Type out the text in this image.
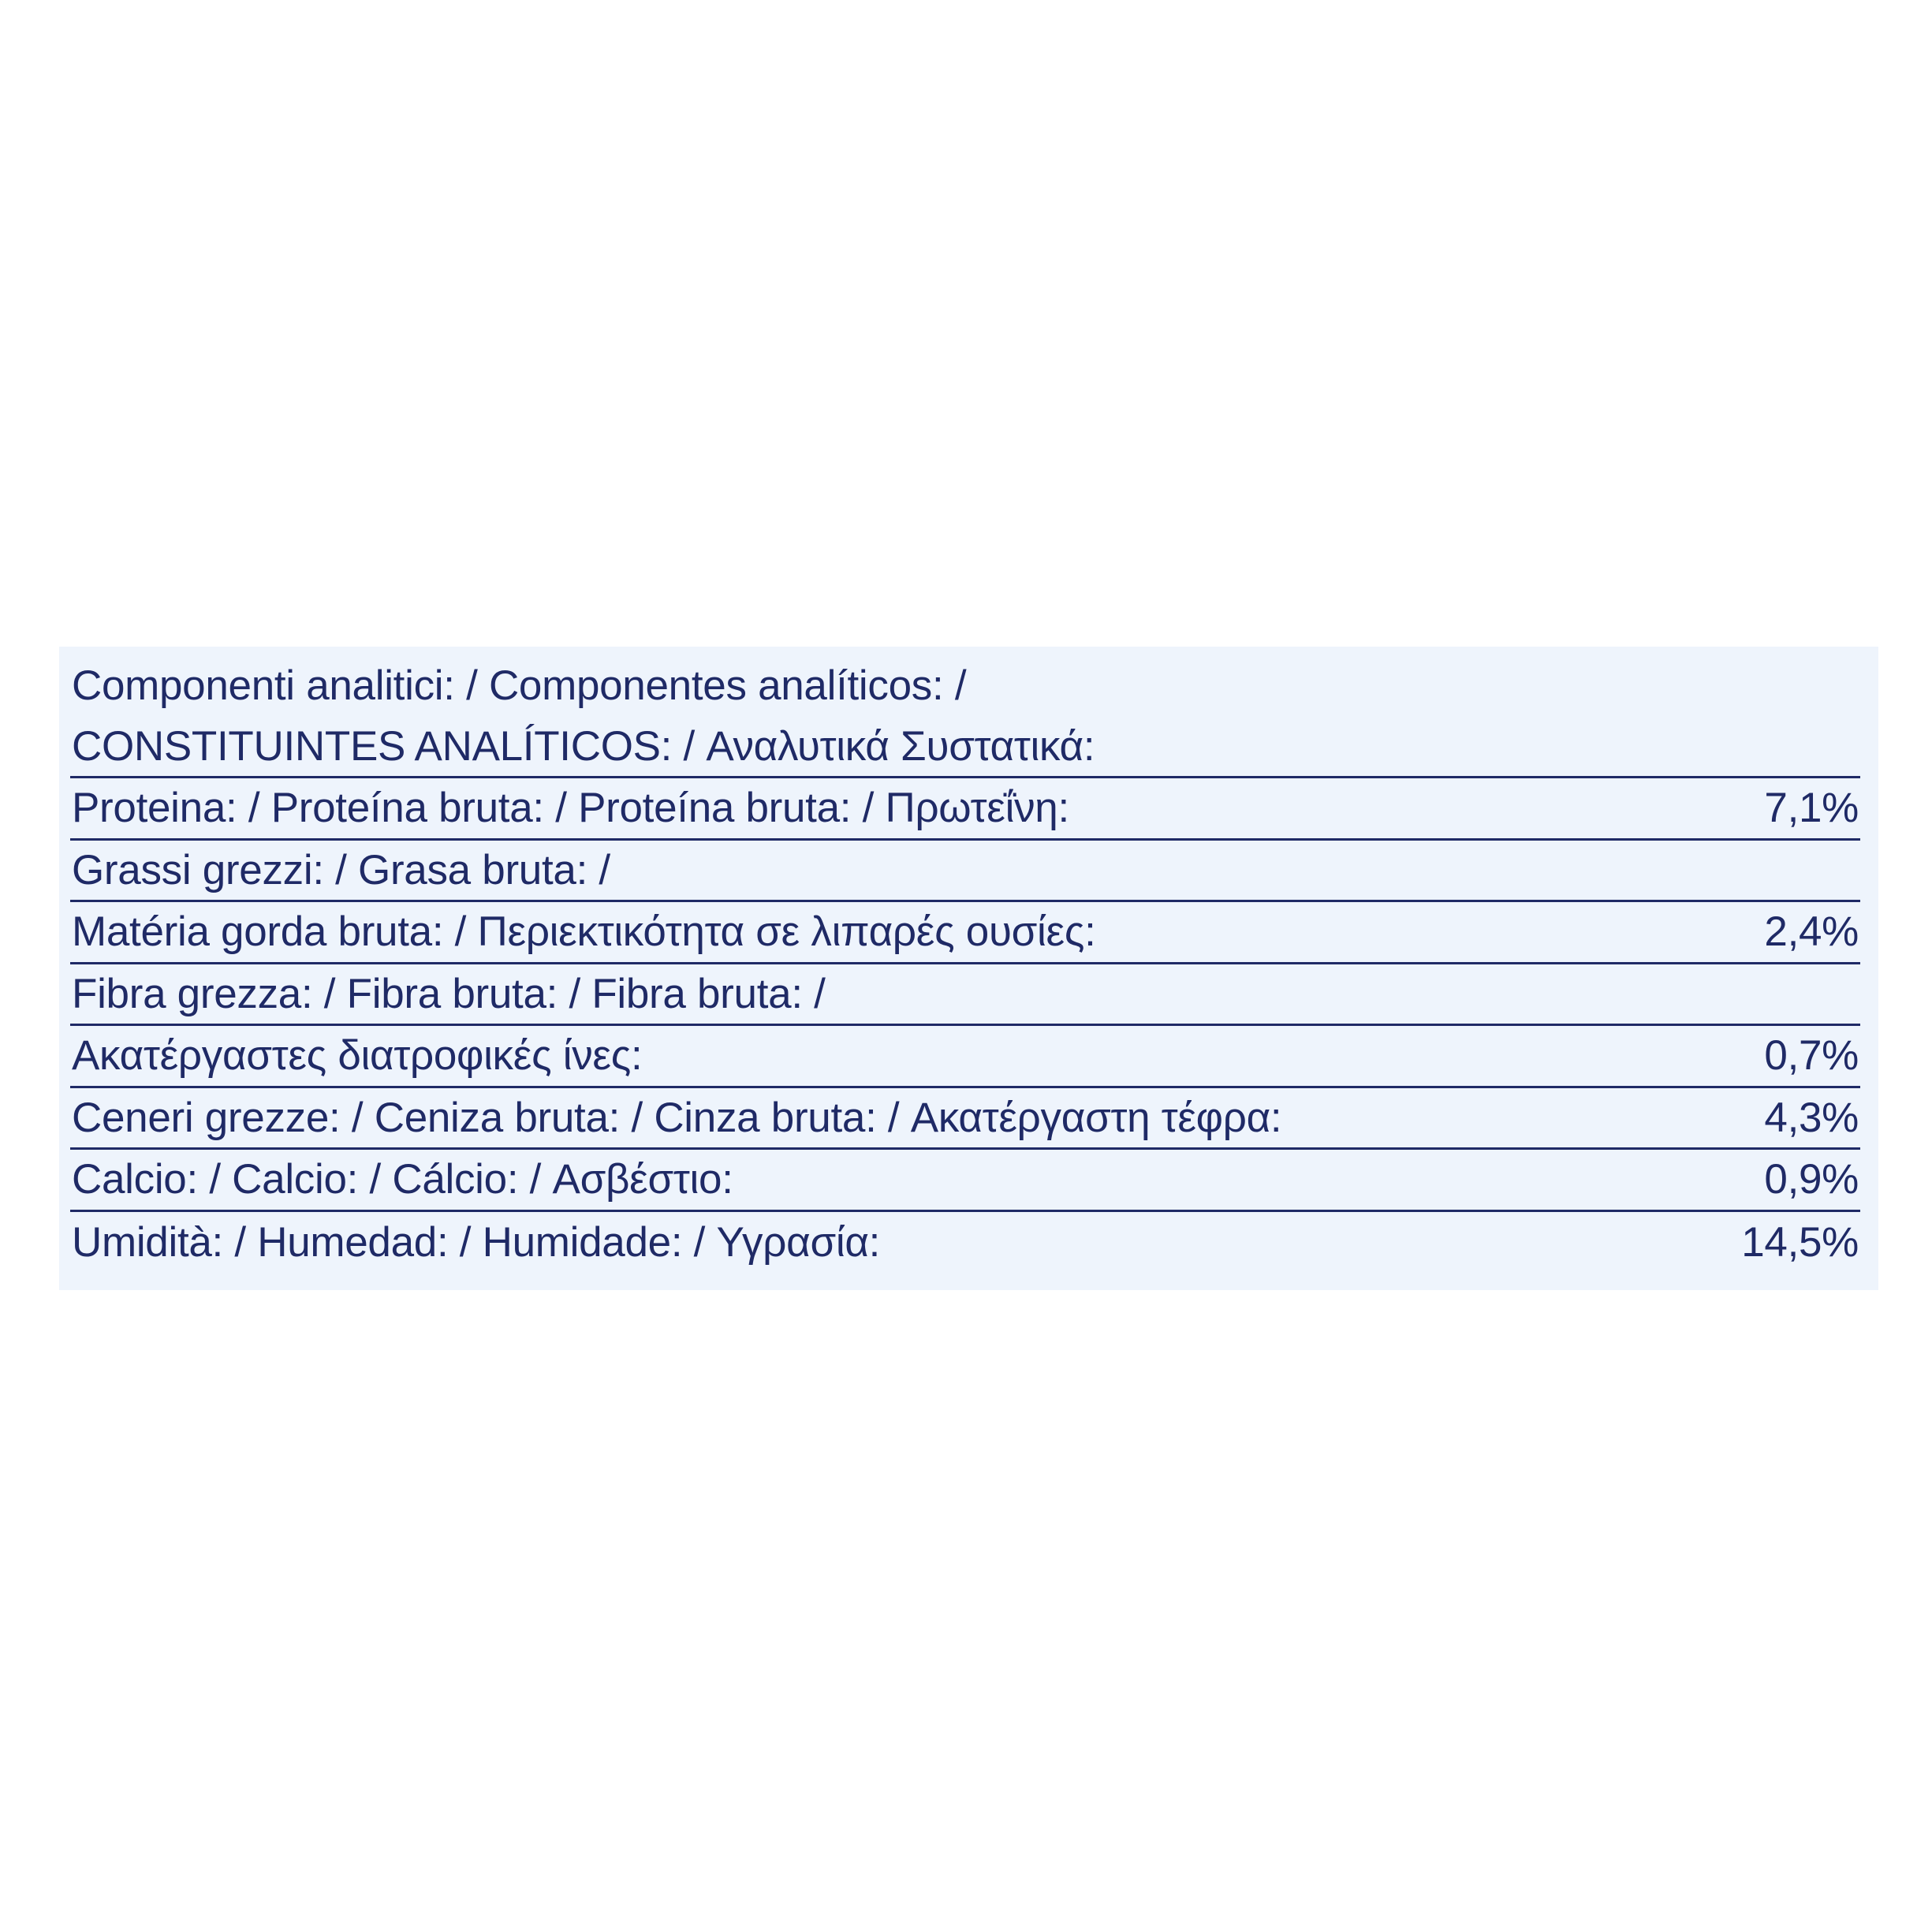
Componenti analitici: / Componentes analíticos: /
CONSTITUINTES ANALÍTICOS: / Αναλυτικά Συστατικά:
Proteina: / Proteína bruta: / Proteína bruta: / Πρωτεΐνη:	7,1%
Grassi grezzi: / Grasa bruta: /
Matéria gorda bruta: / Περιεκτικότητα σε λιπαρές ουσίες:	2,4%
Fibra grezza: / Fibra bruta: / Fibra bruta: /
Ακατέργαστες διατροφικές ίνες:	0,7%
Ceneri grezze: / Ceniza bruta: / Cinza bruta: / Ακατέργαστη τέφρα:	4,3%
Calcio: / Calcio: / Cálcio: / Ασβέστιο:	0,9%
Umidità: / Humedad: / Humidade: / Υγρασία:	14,5%
